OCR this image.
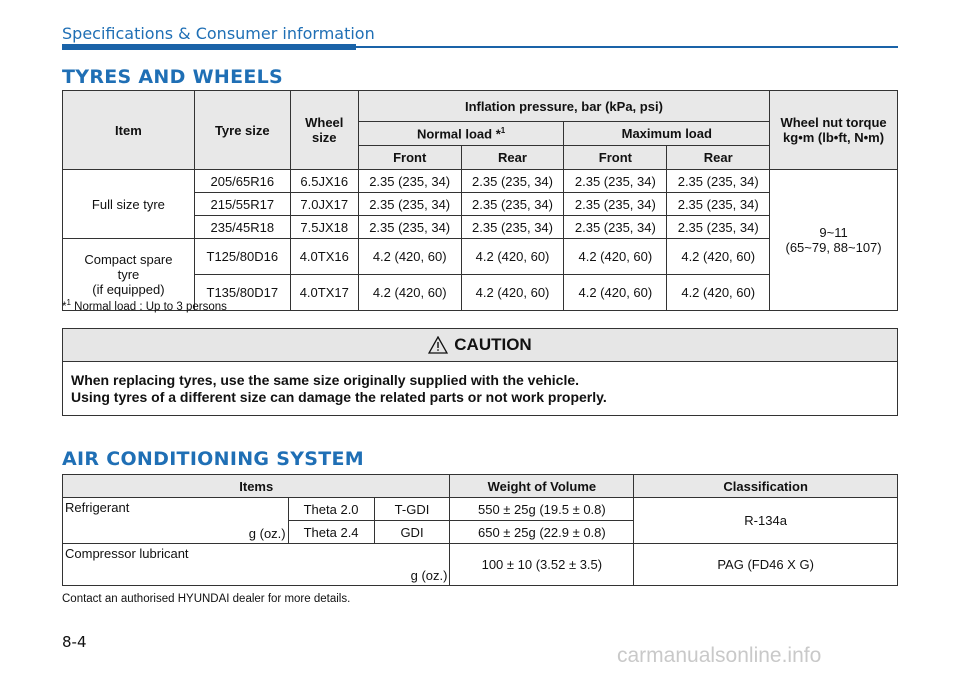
Specifications & Consumer information
TYRES AND WHEELS
Item	Tyre size	Wheel size	Inflation pressure, bar (kPa, psi)				Wheel nut torque
kg•m (lb•ft, N•m)
			Normal load *$^1$		Maximum load		
			Front	Rear	Front	Rear	
Full size tyre	205/65R16	6.5JX16	2.35 (235, 34)	2.35 (235, 34)	2.35 (235, 34)	2.35 (235, 34)	9~11
(65~79, 88~107)
	215/55R17	7.0JX17	2.35 (235, 34)	2.35 (235, 34)	2.35 (235, 34)	2.35 (235, 34)	
	235/45R18	7.5JX18	2.35 (235, 34)	2.35 (235, 34)	2.35 (235, 34)	2.35 (235, 34)	
Compact spare
tyre
(if equipped)	T125/80D16	4.0TX16	4.2 (420, 60)	4.2 (420, 60)	4.2 (420, 60)	4.2 (420, 60)	
	T135/80D17	4.0TX17	4.2 (420, 60)	4.2 (420, 60)	4.2 (420, 60)	4.2 (420, 60)	
*$^1$ Normal load : Up to 3 persons
CAUTION
When replacing tyres, use the same size originally supplied with the vehicle.
Using tyres of a different size can damage the related parts or not work properly.
AIR CONDITIONING SYSTEM
Items			Weight of Volume	Classification

Refrigerant
g (oz.)	Theta 2.0	T-GDI	550 ± 25g (19.5 ± 0.8)	R-134a
	Theta 2.4	GDI	650 ± 25g (22.9 ± 0.8)	

Compressor lubricant
g (oz.)			100 ± 10 (3.52 ± 3.5)	PAG (FD46 X G)
Contact an authorised HYUNDAI dealer for more details.
8-4
carmanualsonline.info
